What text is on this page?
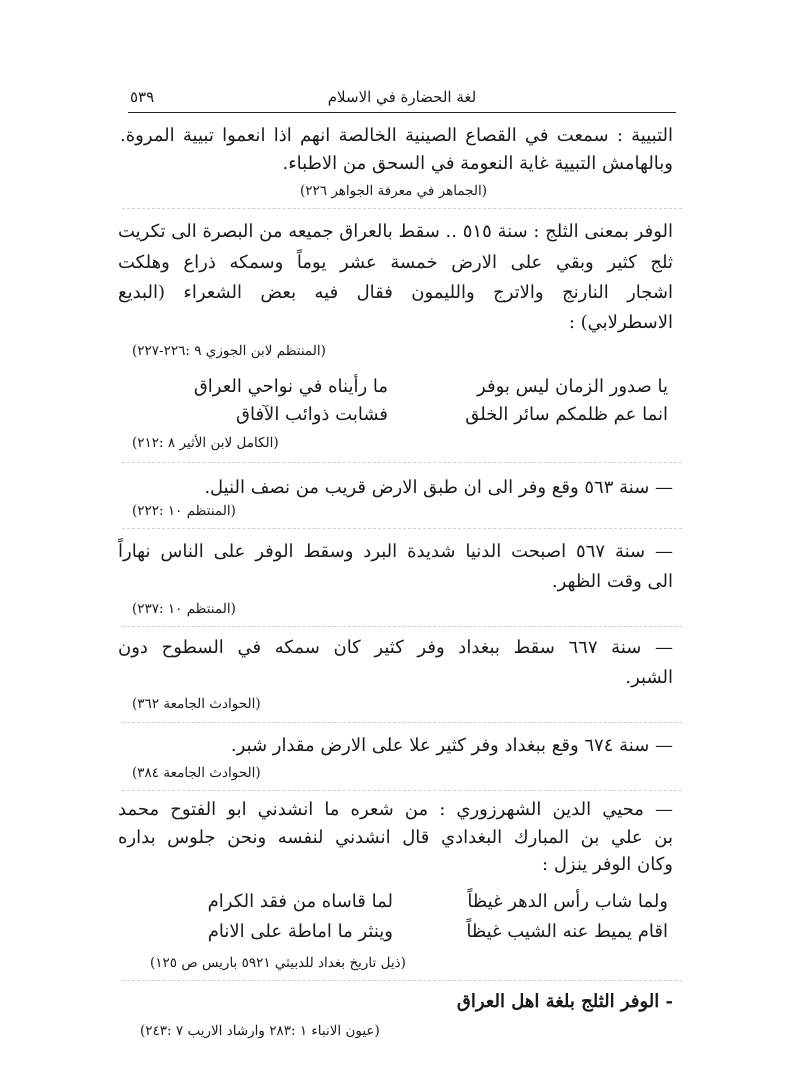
٥٣٩	لغة الحضارة في الاسلام
التبيية : سمعت في القصاع الصينية الخالصة انهم اذا انعموا تبيية المروة.
وبالهامش التبيية غاية النعومة في السحق من الاطباء.
(الجماهر في معرفة الجواهر ٢٢٦)
الوفر بمعنى الثلج : سنة ٥١٥ .. سقط بالعراق جميعه من البصرة الى تكريت
ثلج كثير وبقي على الارض خمسة عشر يوماً وسمكه ذراع وهلكت
اشجار النارنج والاترج والليمون فقال فيه بعض الشعراء (البديع
الاسطرلابي) :
(المنتظم لابن الجوزي ٩ :٢٢٦-٢٢٧)
يا صدور الزمان ليس بوفر
ما رأيناه في نواحي العراق
انما عم ظلمكم سائر الخلق
فشابت ذوائب الآفاق
(الكامل لابن الأثير ٨ :٢١٢)
— سنة ٥٦٣ وقع وفر الى ان طبق الارض قريب من نصف النيل.
(المنتظم ١٠ :٢٢٢)
— سنة ٥٦٧ اصبحت الدنيا شديدة البرد وسقط الوفر على الناس نهاراً
الى وقت الظهر.
(المنتظم ١٠ :٢٣٧)
— سنة ٦٦٧ سقط ببغداد وفر كثير كان سمكه في السطوح دون
الشبر.
(الحوادث الجامعة ٣٦٢)
— سنة ٦٧٤ وقع ببغداد وفر كثير علا على الارض مقدار شبر.
(الحوادث الجامعة ٣٨٤)
— محيي الدين الشهرزوري : من شعره ما انشدني ابو الفتوح محمد
بن علي بن المبارك البغدادي قال انشدني لنفسه ونحن جلوس بداره
وكان الوفر ينزل :
ولما شاب رأس الدهر غيظاً
لما قاساه من فقد الكرام
اقام يميط عنه الشيب غيظاً
وينثر ما اماطة على الانام
(ذيل تاريخ بغداد للدبيثي ٥٩٢١ باريس ص ١٢٥)
- الوفر الثلج بلغة اهل العراق
(عيون الانباء ١ :٢٨٣ وارشاد الاريب ٧ :٢٤٣)
